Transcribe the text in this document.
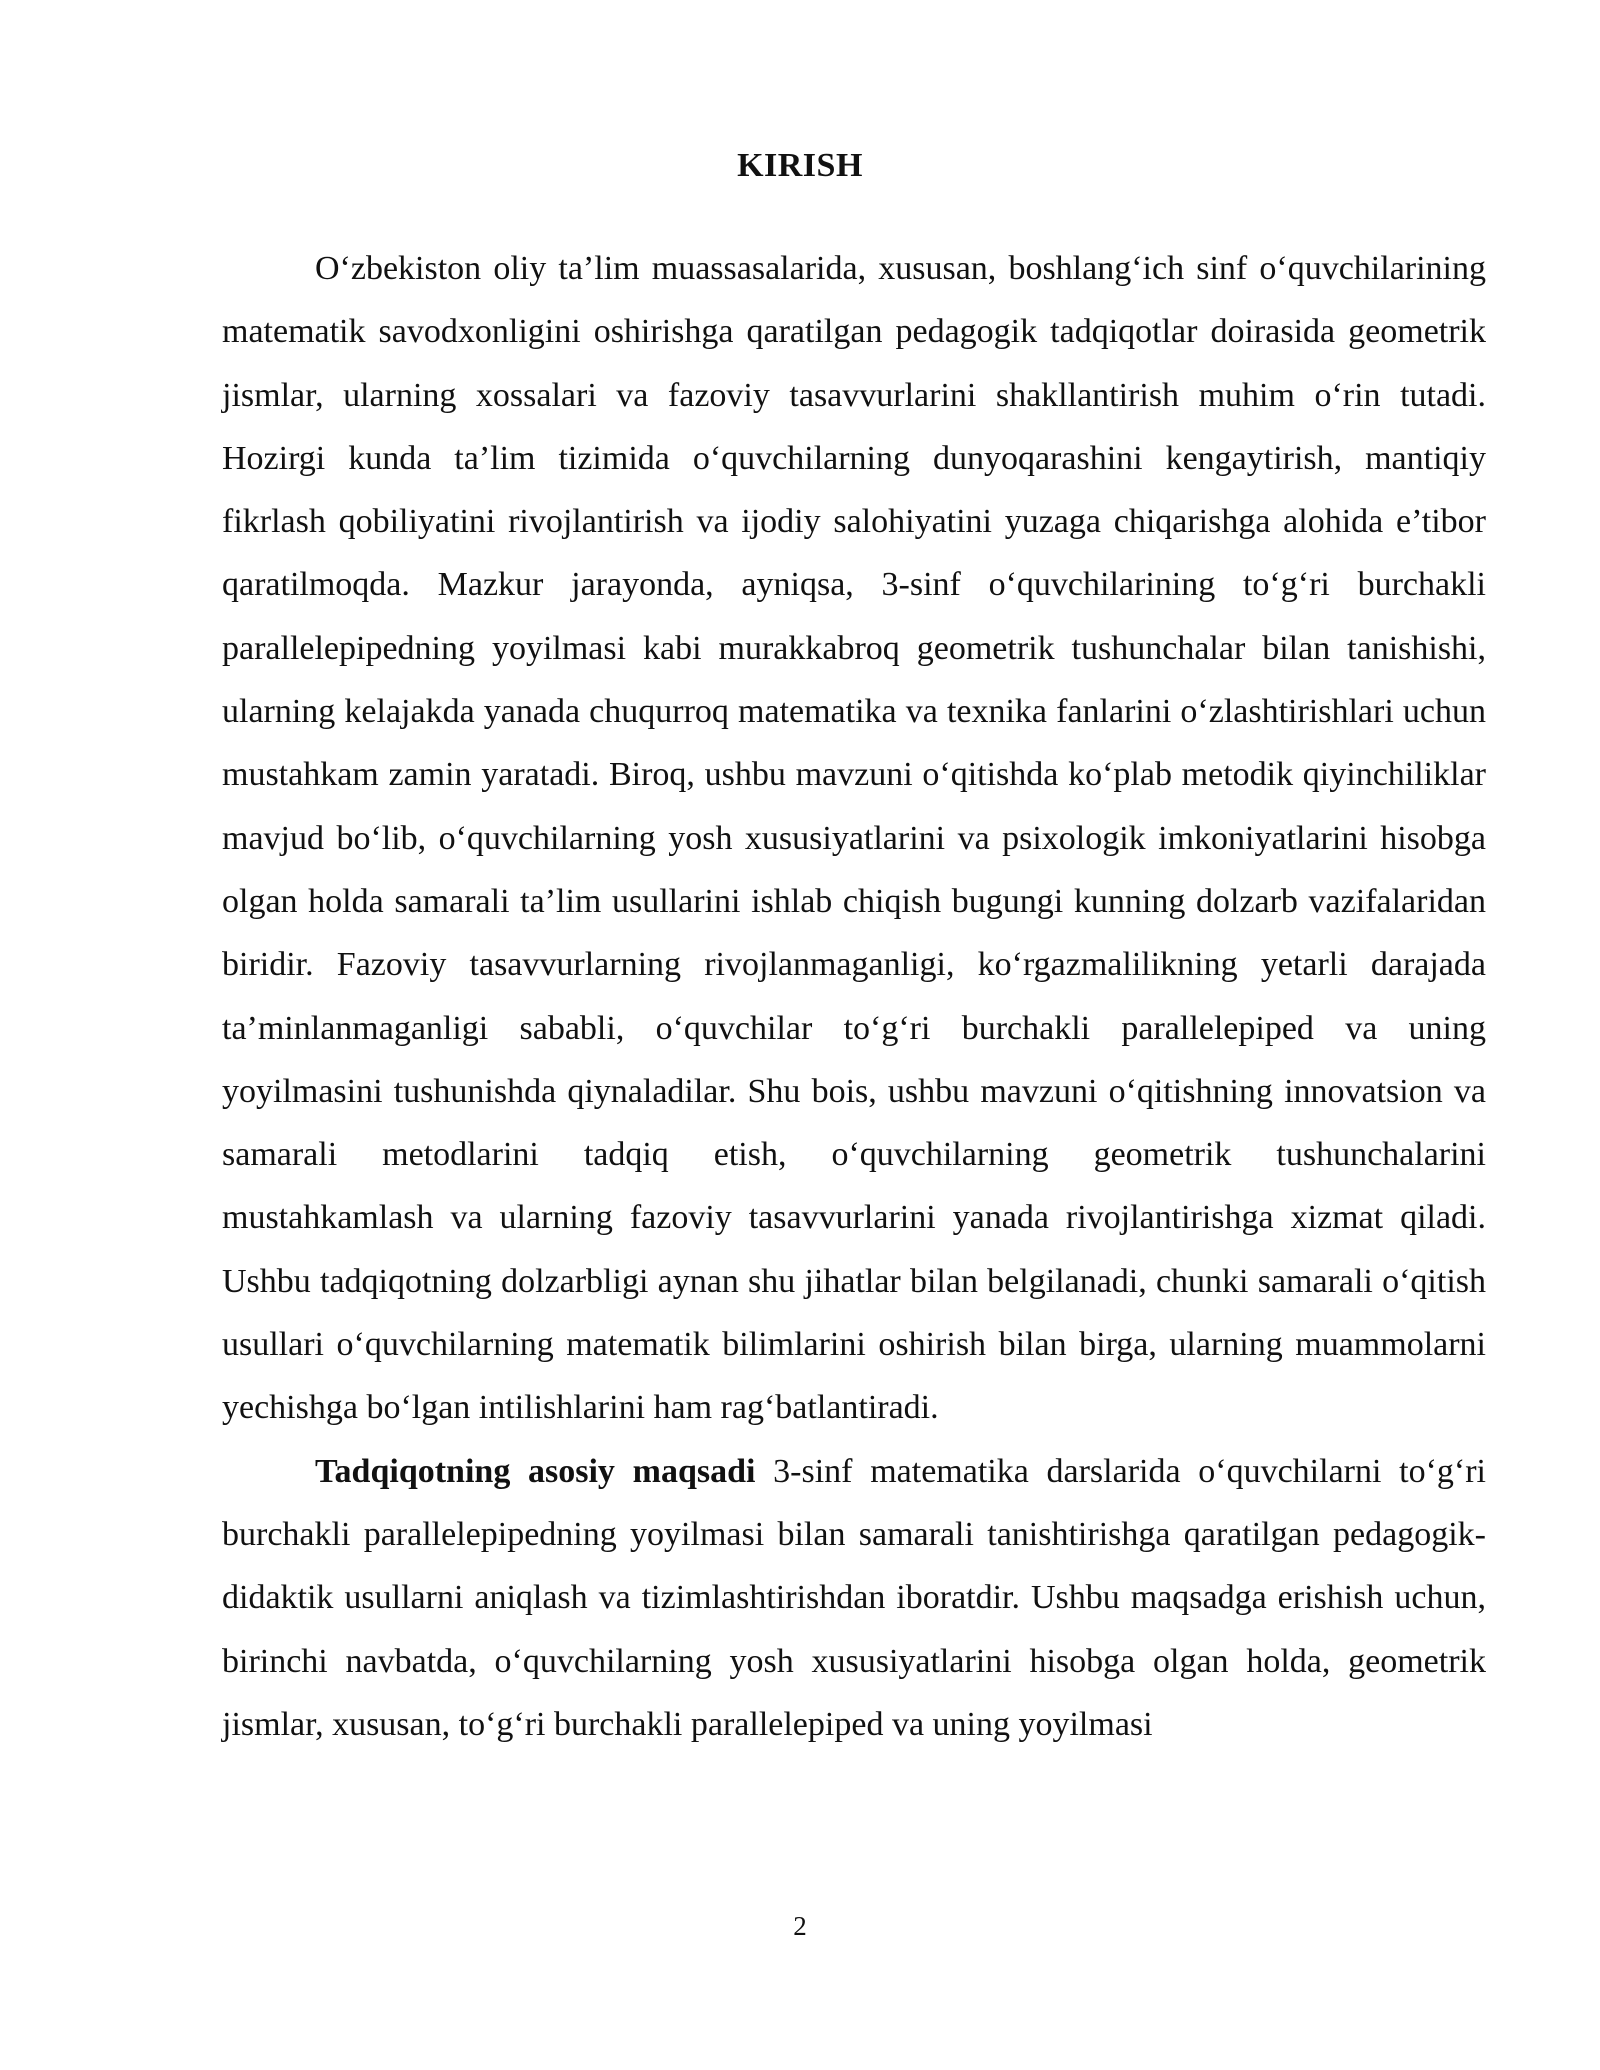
KIRISH

O‘zbekiston oliy ta’lim muassasalarida, xususan, boshlang‘ich sinf o‘quvchilarining matematik savodxonligini oshirishga qaratilgan pedagogik tadqiqotlar doirasida geometrik jismlar, ularning xossalari va fazoviy tasavvurlarini shakllantirish muhim o‘rin tutadi. Hozirgi kunda ta’lim tizimida o‘quvchilarning dunyoqarashini kengaytirish, mantiqiy fikrlash qobiliyatini rivojlantirish va ijodiy salohiyatini yuzaga chiqarishga alohida e’tibor qaratilmoqda. Mazkur jarayonda, ayniqsa, 3-sinf o‘quvchilarining to‘g‘ri burchakli parallelepipedning yoyilmasi kabi murakkabroq geometrik tushunchalar bilan tanishishi, ularning kelajakda yanada chuqurroq matematika va texnika fanlarini o‘zlashtirishlari uchun mustahkam zamin yaratadi. Biroq, ushbu mavzuni o‘qitishda ko‘plab metodik qiyinchiliklar mavjud bo‘lib, o‘quvchilarning yosh xususiyatlarini va psixologik imkoniyatlarini hisobga olgan holda samarali ta’lim usullarini ishlab chiqish bugungi kunning dolzarb vazifalaridan biridir. Fazoviy tasavvurlarning rivojlanmaganligi, ko‘rgazmalilikning yetarli darajada ta’minlanmaganligi sababli, o‘quvchilar to‘g‘ri burchakli parallelepiped va uning yoyilmasini tushunishda qiynaladilar. Shu bois, ushbu mavzuni o‘qitishning innovatsion va samarali metodlarini tadqiq etish, o‘quvchilarning geometrik tushunchalarini mustahkamlash va ularning fazoviy tasavvurlarini yanada rivojlantirishga xizmat qiladi. Ushbu tadqiqotning dolzarbligi aynan shu jihatlar bilan belgilanadi, chunki samarali o‘qitish usullari o‘quvchilarning matematik bilimlarini oshirish bilan birga, ularning muammolarni yechishga bo‘lgan intilishlarini ham rag‘batlantiradi.

Tadqiqotning asosiy maqsadi 3-sinf matematika darslarida o‘quvchilarni to‘g‘ri burchakli parallelepipedning yoyilmasi bilan samarali tanishtirishga qaratilgan pedagogik-didaktik usullarni aniqlash va tizimlashtirishdan iboratdir. Ushbu maqsadga erishish uchun, birinchi navbatda, o‘quvchilarning yosh xususiyatlarini hisobga olgan holda, geometrik jismlar, xususan, to‘g‘ri burchakli parallelepiped va uning yoyilmasi

2
